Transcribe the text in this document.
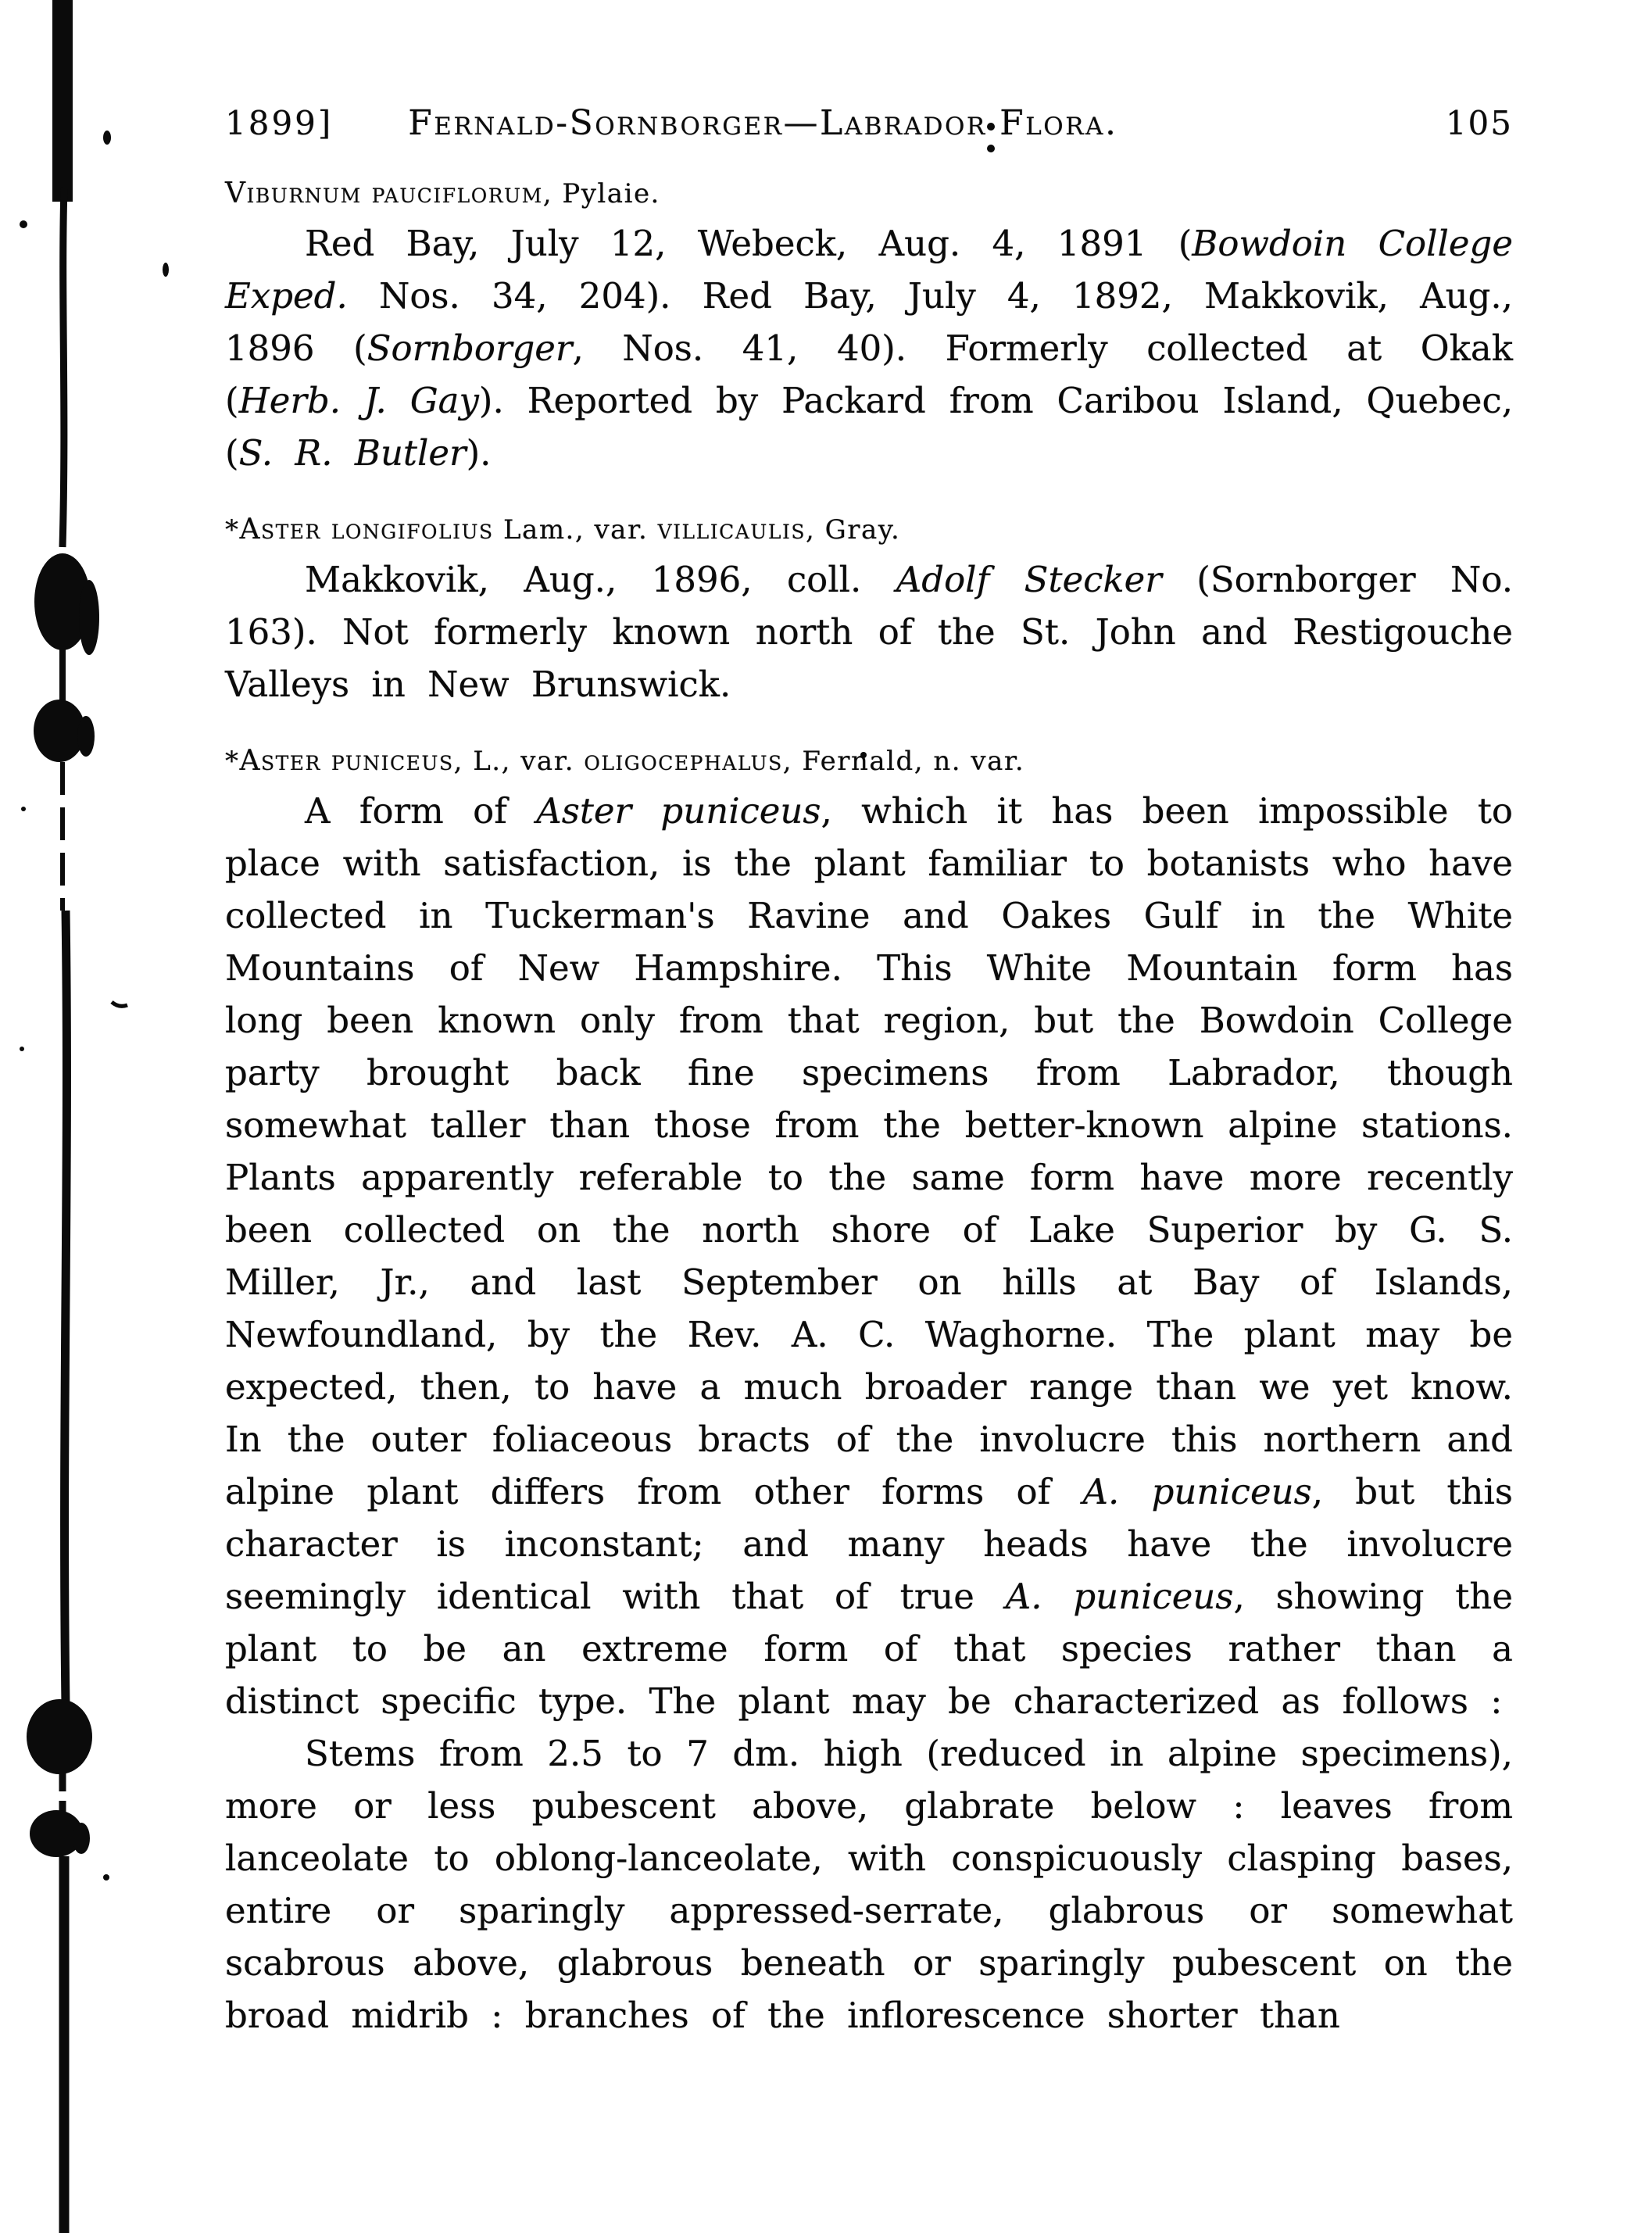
1899] Fernald-Sornborger—Labrador Flora.	105
Viburnum pauciflorum, Pylaie.

Red Bay, July 12, Webeck, Aug. 4, 1891 (Bowdoin College Exped. Nos. 34, 204). Red Bay, July 4, 1892, Makkovik, Aug., 1896 (Sornborger, Nos. 41, 40). Formerly collected at Okak (Herb. J. Gay). Reported by Packard from Caribou Island, Quebec, (S. R. Butler).

*Aster longifolius Lam., var. villicaulis, Gray.

Makkovik, Aug., 1896, coll. Adolf Stecker (Sornborger No. 163). Not formerly known north of the St. John and Restigouche Valleys in New Brunswick.

*Aster puniceus, L., var. oligocephalus, Fernald, n. var.

A form of Aster puniceus, which it has been impossible to place with satisfaction, is the plant familiar to botanists who have collected in Tuckerman's Ravine and Oakes Gulf in the White Mountains of New Hampshire. This White Mountain form has long been known only from that region, but the Bowdoin College party brought back fine specimens from Labrador, though somewhat taller than those from the better-known alpine stations. Plants apparently referable to the same form have more recently been collected on the north shore of Lake Superior by G. S. Miller, Jr., and last September on hills at Bay of Islands, Newfoundland, by the Rev. A. C. Waghorne. The plant may be expected, then, to have a much broader range than we yet know. In the outer foliaceous bracts of the involucre this northern and alpine plant differs from other forms of A. puniceus, but this character is inconstant; and many heads have the involucre seemingly identical with that of true A. puniceus, showing the plant to be an extreme form of that species rather than a distinct specific type. The plant may be characterized as follows :

Stems from 2.5 to 7 dm. high (reduced in alpine specimens), more or less pubescent above, glabrate below : leaves from lanceolate to oblong-lanceolate, with conspicuously clasping bases, entire or sparingly appressed-serrate, glabrous or somewhat scabrous above, glabrous beneath or sparingly pubescent on the broad midrib : branches of the inflorescence shorter than
